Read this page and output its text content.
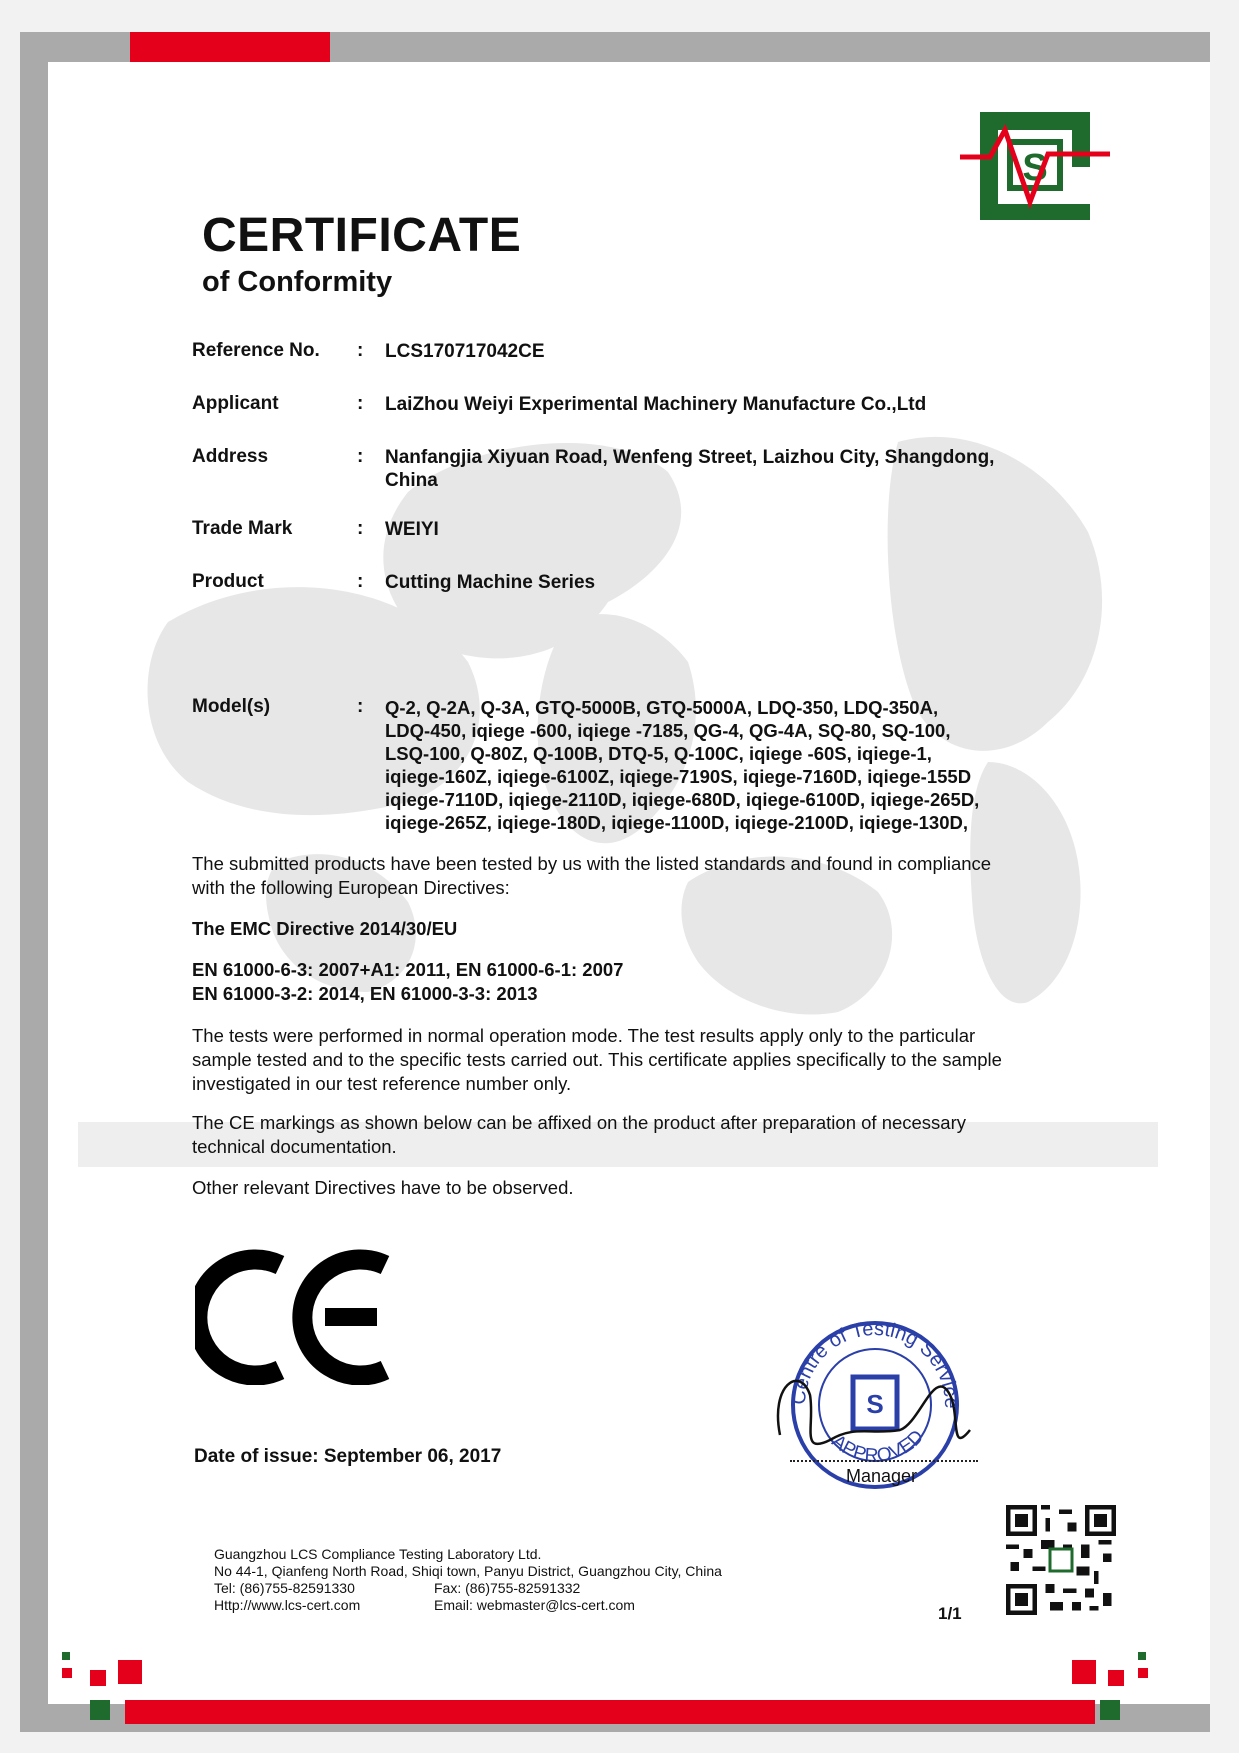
S
CERTIFICATE
of Conformity
Reference No.	:	LCS170717042CE
Applicant	:	LaiZhou Weiyi Experimental Machinery Manufacture Co.,Ltd
Address	:	Nanfangjia Xiyuan Road, Wenfeng Street, Laizhou City, Shangdong, China
Trade Mark	:	WEIYI
Product	:	Cutting Machine Series
Model(s)	:	Q-2, Q-2A, Q-3A, GTQ-5000B, GTQ-5000A, LDQ-350, LDQ-350A,
LDQ-450, iqiege -600, iqiege -7185, QG-4, QG-4A, SQ-80, SQ-100,
LSQ-100, Q-80Z, Q-100B, DTQ-5, Q-100C, iqiege -60S, iqiege-1,
iqiege-160Z, iqiege-6100Z, iqiege-7190S, iqiege-7160D, iqiege-155D
iqiege-7110D, iqiege-2110D, iqiege-680D, iqiege-6100D, iqiege-265D,
iqiege-265Z, iqiege-180D, iqiege-1100D, iqiege-2100D, iqiege-130D,
The submitted products have been tested by us with the listed standards and found in compliance
with the following European Directives:
The EMC Directive 2014/30/EU
EN 61000-6-3: 2007+A1: 2011, EN 61000-6-1: 2007
EN 61000-3-2: 2014, EN 61000-3-3: 2013
The tests were performed in normal operation mode. The test results apply only to the particular
sample tested and to the specific tests carried out. This certificate applies specifically to the sample
investigated in our test reference number only.
The CE markings as shown below can be affixed on the product after preparation of necessary
technical documentation.
Other relevant Directives have to be observed.
Date of issue: September 06, 2017
Centre of Testing Service
APPROVED
S
Manager
Guangzhou LCS Compliance Testing Laboratory Ltd.
No 44-1, Qianfeng North Road, Shiqi town, Panyu District, Guangzhou City, China
Tel: (86)755-82591330	Fax: (86)755-82591332
Http://www.lcs-cert.com	Email: webmaster@lcs-cert.com	1/1
